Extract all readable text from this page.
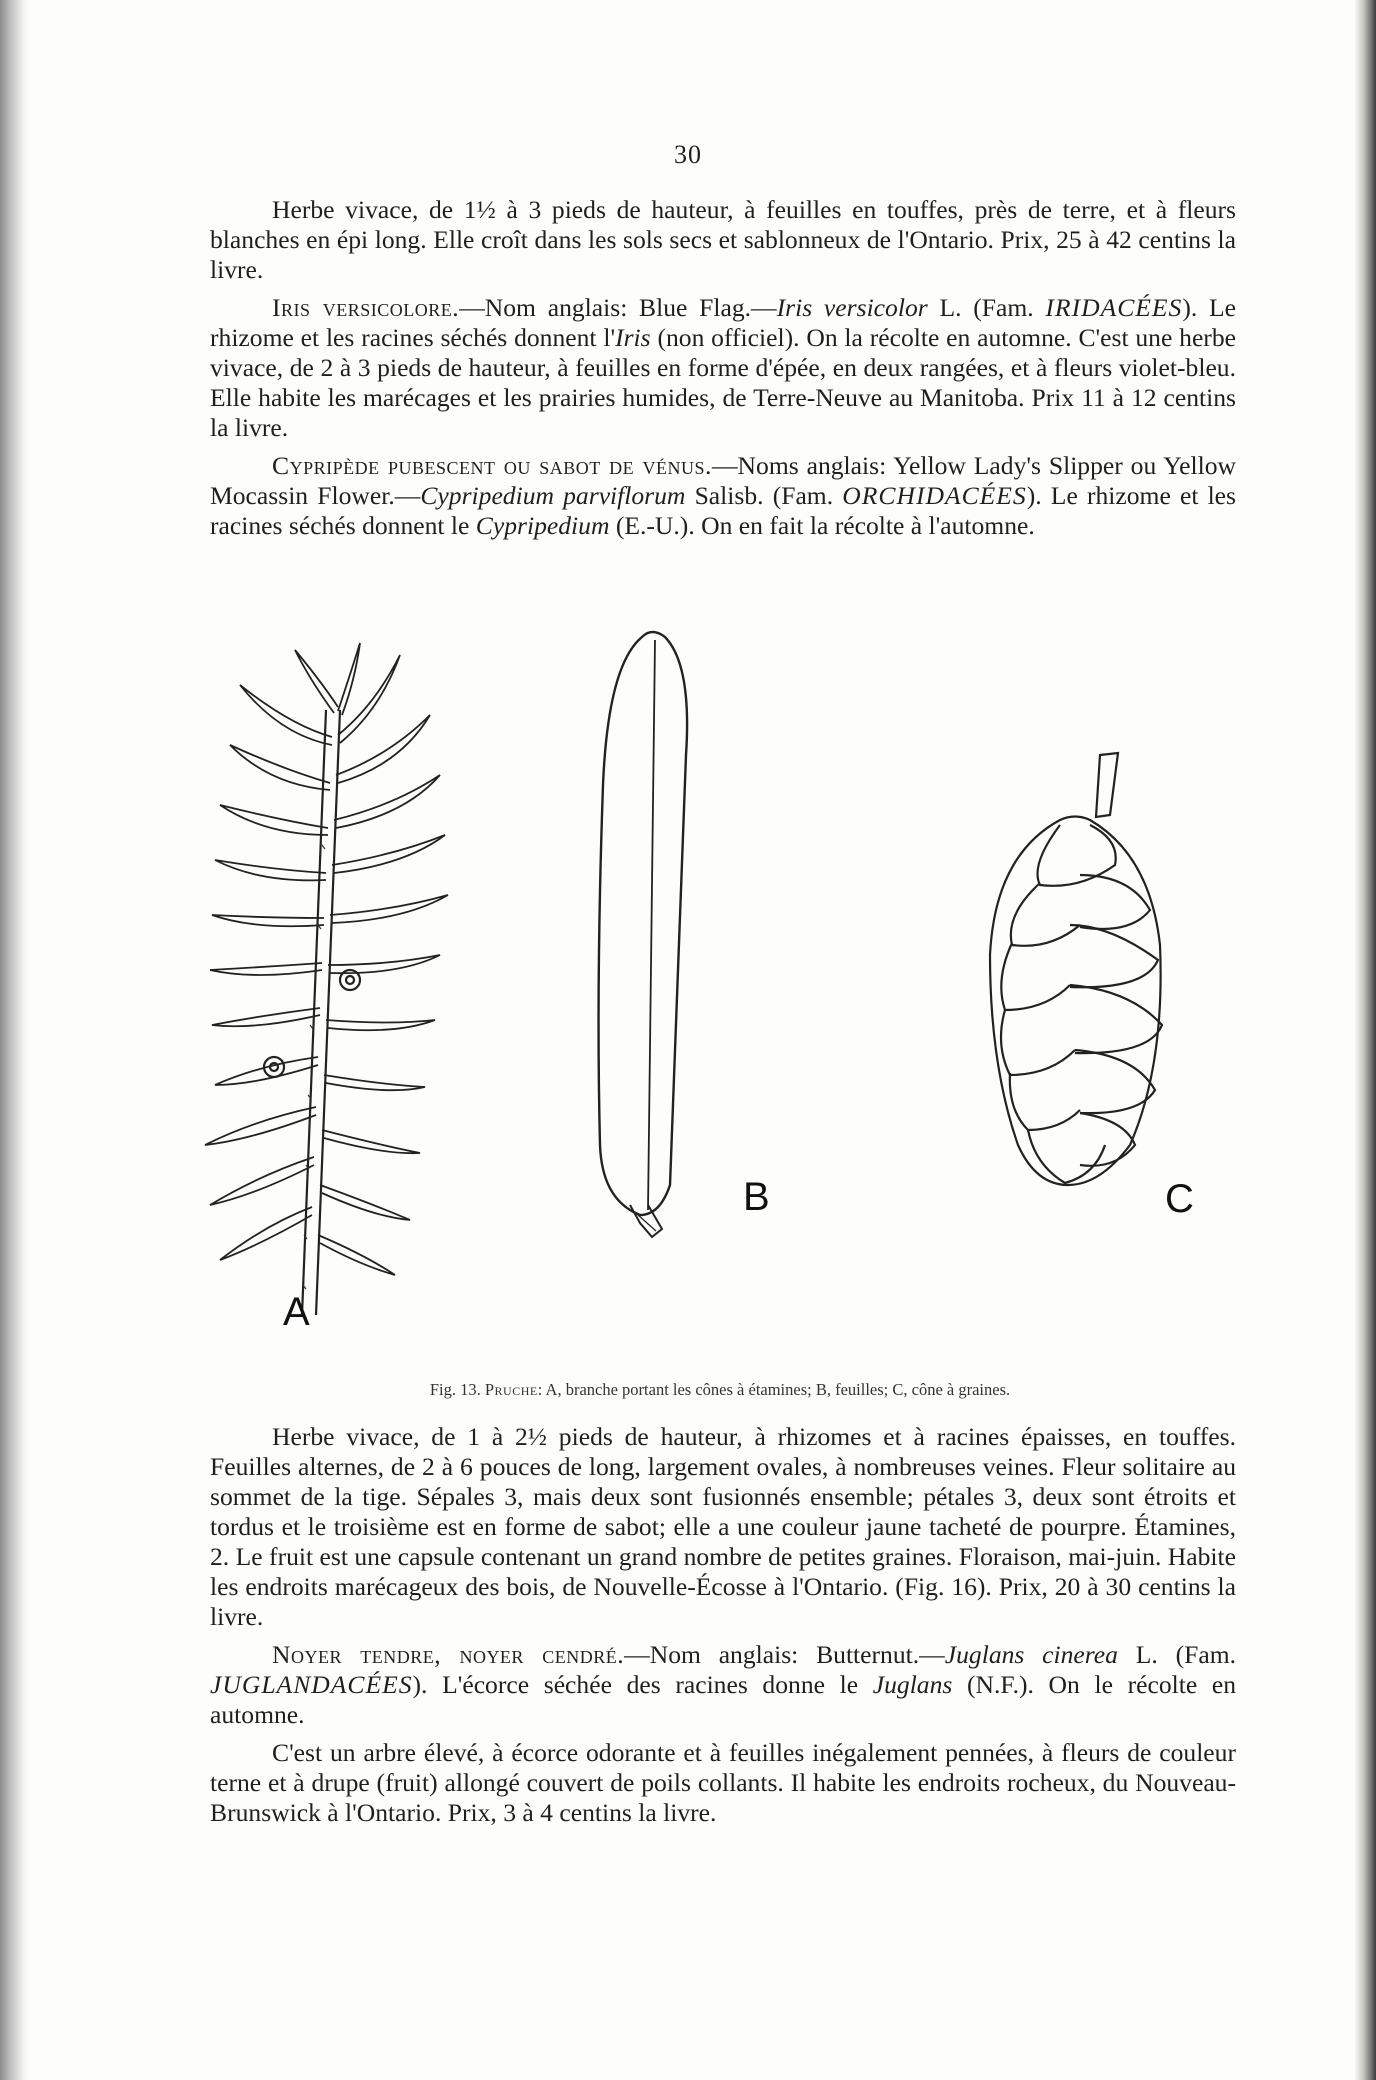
30

Herbe vivace, de 1½ à 3 pieds de hauteur, à feuilles en touffes, près de terre, et à fleurs blanches en épi long. Elle croît dans les sols secs et sablonneux de l'Ontario. Prix, 25 à 42 centins la livre.

Iris versicolore.—Nom anglais: Blue Flag.—Iris versicolor L. (Fam. IRIDACÉES). Le rhizome et les racines séchés donnent l'Iris (non officiel). On la récolte en automne. C'est une herbe vivace, de 2 à 3 pieds de hauteur, à feuilles en forme d'épée, en deux rangées, et à fleurs violet-bleu. Elle habite les marécages et les prairies humides, de Terre-Neuve au Manitoba. Prix 11 à 12 centins la livre.

Cypripède pubescent ou sabot de vénus.—Noms anglais: Yellow Lady's Slipper ou Yellow Mocassin Flower.—Cypripedium parviflorum Salisb. (Fam. ORCHIDACÉES). Le rhizome et les racines séchés donnent le Cypripedium (E.-U.). On en fait la récolte à l'automne.

A
B	C
Fig. 13. Pruche: A, branche portant les cônes à étamines; B, feuilles; C, cône à graines.

Herbe vivace, de 1 à 2½ pieds de hauteur, à rhizomes et à racines épaisses, en touffes. Feuilles alternes, de 2 à 6 pouces de long, largement ovales, à nombreuses veines. Fleur solitaire au sommet de la tige. Sépales 3, mais deux sont fusionnés ensemble; pétales 3, deux sont étroits et tordus et le troisième est en forme de sabot; elle a une couleur jaune tacheté de pourpre. Étamines, 2. Le fruit est une capsule contenant un grand nombre de petites graines. Floraison, mai-juin. Habite les endroits marécageux des bois, de Nouvelle-Écosse à l'Ontario. (Fig. 16). Prix, 20 à 30 centins la livre.

Noyer tendre, noyer cendré.—Nom anglais: Butternut.—Juglans cinerea L. (Fam. JUGLANDACÉES). L'écorce séchée des racines donne le Juglans (N.F.). On le récolte en automne.

C'est un arbre élevé, à écorce odorante et à feuilles inégalement pennées, à fleurs de couleur terne et à drupe (fruit) allongé couvert de poils collants. Il habite les endroits rocheux, du Nouveau-Brunswick à l'Ontario. Prix, 3 à 4 centins la livre.
